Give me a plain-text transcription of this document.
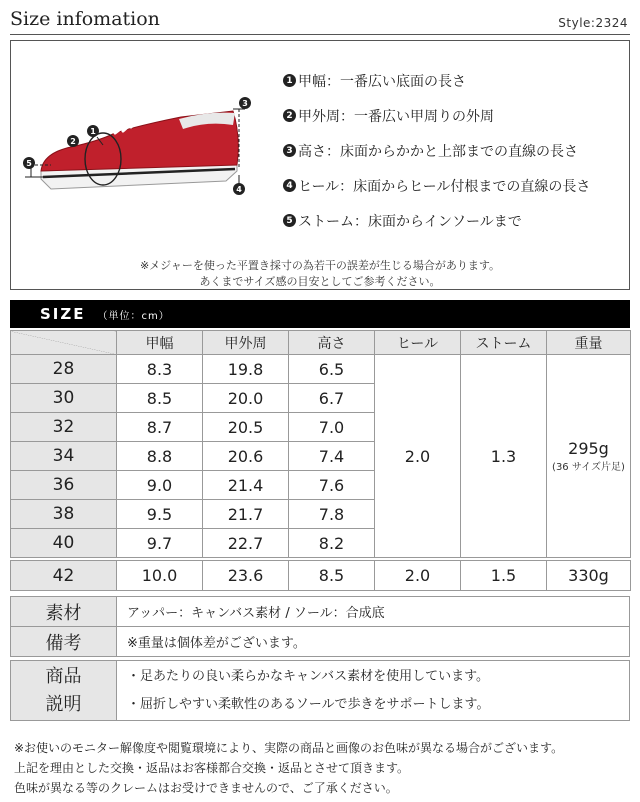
Size infomation	Style:2324
1
2
3
4
5
1 甲幅：一番広い底面の長さ
2 甲外周：一番広い甲周りの外周
3 高さ：床面からかかと上部までの直線の長さ
4 ヒール：床面からヒール付根までの直線の長さ
5 ストーム：床面からインソールまで
※メジャーを使った平置き採寸の為若干の誤差が生じる場合があります。
あくまでサイズ感の目安としてご参考ください。
SIZE （単位：cm）
	甲幅	甲外周	高さ	ヒール	ストーム	重量
28	8.3	19.8	6.5	2.0	1.3	295g
(36 サイズ片足)

30	8.5	20.0	6.7			
32	8.7	20.5	7.0			
34	8.8	20.6	7.4			
36	9.0	21.4	7.6			
38	9.5	21.7	7.8			
40	9.7	22.7	8.2			
42	10.0	23.6	8.5	2.0	1.5	330g
素材	アッパー：キャンバス素材 / ソール：合成底
備考	※重量は個体差がございます。
商品
説明

・足あたりの良い柔らかなキャンバス素材を使用しています。
・屈折しやすい柔軟性のあるソールで歩きをサポートします。
※お使いのモニター解像度や閲覧環境により、実際の商品と画像のお色味が異なる場合がございます。
上記を理由とした交換・返品はお客様都合交換・返品とさせて頂きます。
色味が異なる等のクレームはお受けできませんので、ご了承ください。
